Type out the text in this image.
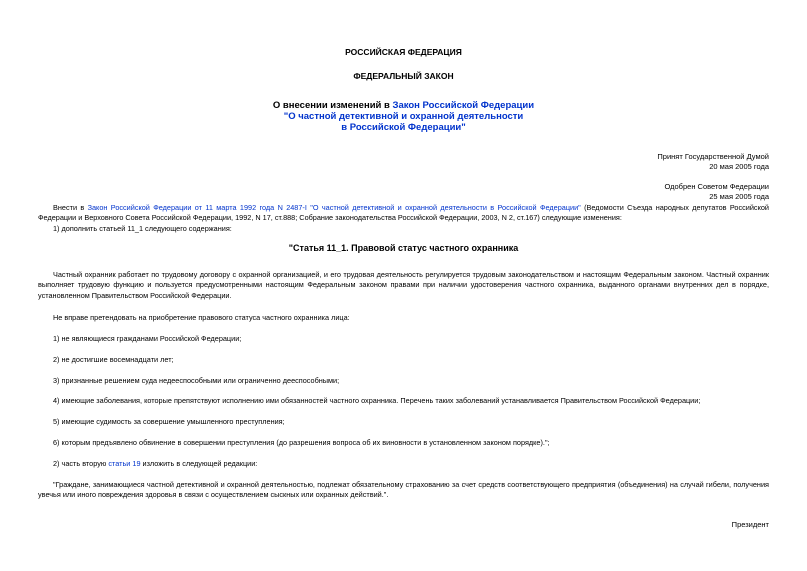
РОССИЙСКАЯ ФЕДЕРАЦИЯ
ФЕДЕРАЛЬНЫЙ ЗАКОН
О внесении изменений в Закон Российской Федерации
"О частной детективной и охранной деятельности
в Российской Федерации"
Принят Государственной Думой
20 мая 2005 года
Одобрен Советом Федерации
25 мая 2005 года
Внести в Закон Российской Федерации от 11 марта 1992 года N 2487-I "О частной детективной и охранной деятельности в Российской Федерации" (Ведомости Съезда народных депутатов Российской Федерации и Верховного Совета Российской Федерации, 1992, N 17, ст.888; Собрание законодательства Российской Федерации, 2003, N 2, ст.167) следующие изменения:
1) дополнить статьей 11_1 следующего содержания:
"Статья 11_1. Правовой статус частного охранника
Частный охранник работает по трудовому договору с охранной организацией, и его трудовая деятельность регулируется трудовым законодательством и настоящим Федеральным законом. Частный охранник выполняет трудовую функцию и пользуется предусмотренными настоящим Федеральным законом правами при наличии удостоверения частного охранника, выданного органами внутренних дел в порядке, установленном Правительством Российской Федерации.
Не вправе претендовать на приобретение правового статуса частного охранника лица:
1) не являющиеся гражданами Российской Федерации;
2) не достигшие восемнадцати лет;
3) признанные решением суда недееспособными или ограниченно дееспособными;
4) имеющие заболевания, которые препятствуют исполнению ими обязанностей частного охранника. Перечень таких заболеваний устанавливается Правительством Российской Федерации;
5) имеющие судимость за совершение умышленного преступления;
6) которым предъявлено обвинение в совершении преступления (до разрешения вопроса об их виновности в установленном законом порядке).";
2) часть вторую статьи 19 изложить в следующей редакции:
"Граждане, занимающиеся частной детективной и охранной деятельностью, подлежат обязательному страхованию за счет средств соответствующего предприятия (объединения) на случай гибели, получения увечья или иного повреждения здоровья в связи с осуществлением сыскных или охранных действий.".
Президент
